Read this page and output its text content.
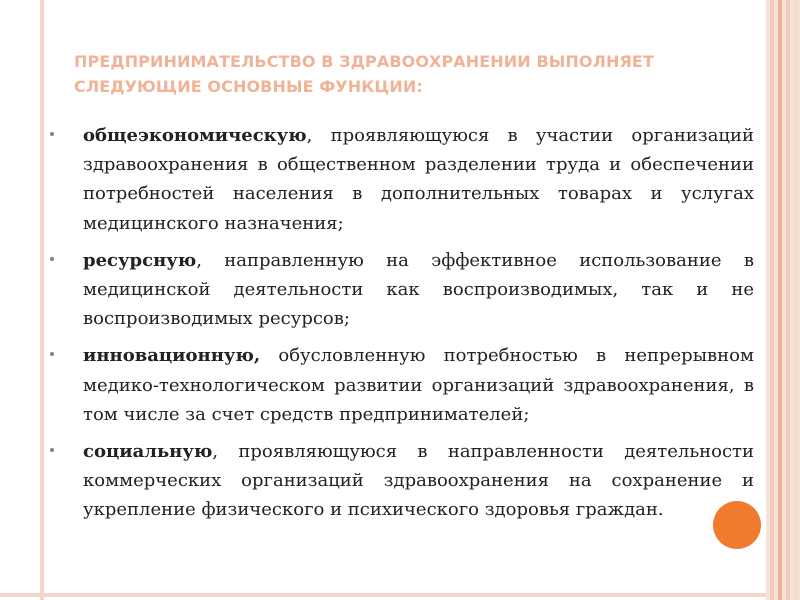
ПРЕДПРИНИМАТЕЛЬСТВО В ЗДРАВООХРАНЕНИИ ВЫПОЛНЯЕТ СЛЕДУЮЩИЕ ОСНОВНЫЕ ФУНКЦИИ:

общеэкономическую, проявляющуюся в участии организаций здравоохранения в общественном разделении труда и обеспечении потребностей населения в дополнительных товарах и услугах медицинского назначения;

ресурсную, направленную на эффективное использование в медицинской деятельности как воспроизводимых, так и не воспроизводимых ресурсов;

инновационную, обусловленную потребностью в непрерывном медико-технологическом развитии организаций здравоохранения, в том числе за счет средств предпринимателей;

социальную, проявляющуюся в направленности деятельности коммерческих организаций здравоохранения на сохранение и укрепление физического и психического здоровья граждан.
